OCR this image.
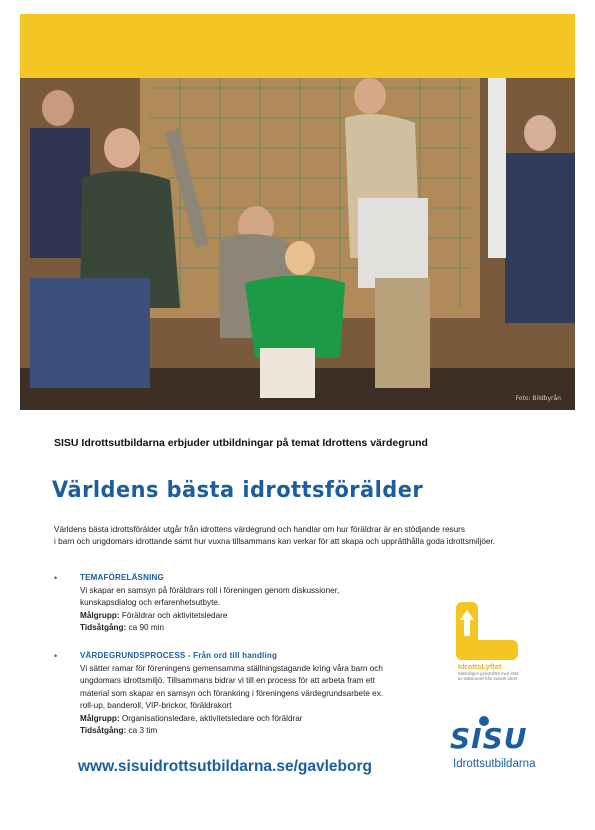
Foto: Bildbyrån
SISU Idrottsutbildarna erbjuder utbildningar på temat Idrottens värdegrund
Världens bästa idrottsförälder
Världens bästa idrottsförälder utgår från idrottens värdegrund och handlar om hur föräldrar är en stödjande resurs
i barn och ungdomars idrottande samt hur vuxna tillsammans kan verkar för att skapa och upprätthålla goda idrottsmiljöer.
•	TEMAFÖRELÄSNING
Vi skapar en samsyn på föräldrars roll i föreningen genom diskussioner,
kunskapsdialog och erfarenhetsutbyte.
Målgrupp: Föräldrar och aktivitetsledare
Tidsåtgång: ca 90 min
•	VÄRDEGRUNDSPROCESS - Från ord till handling
Vi sätter ramar för föreningens gemensamma ställningstagande kring våra barn och
ungdomars idrottsmiljö. Tillsammans bidrar vi till en process för att arbeta fram ett
material som skapar en samsyn och förankring i föreningens värdegrundsarbete ex.
roll-up, banderoll, VIP-brickor, föräldrakort
Målgrupp: Organisationsledare, aktivitetsledare och föräldrar
Tidsåtgång: ca 3 tim
www.sisuidrottsutbildarna.se/gavleborg
IdrottsLyftet
Satsningen genomförs med stöd av statsmedel från svensk idrott
SISU
Idrottsutbildarna
